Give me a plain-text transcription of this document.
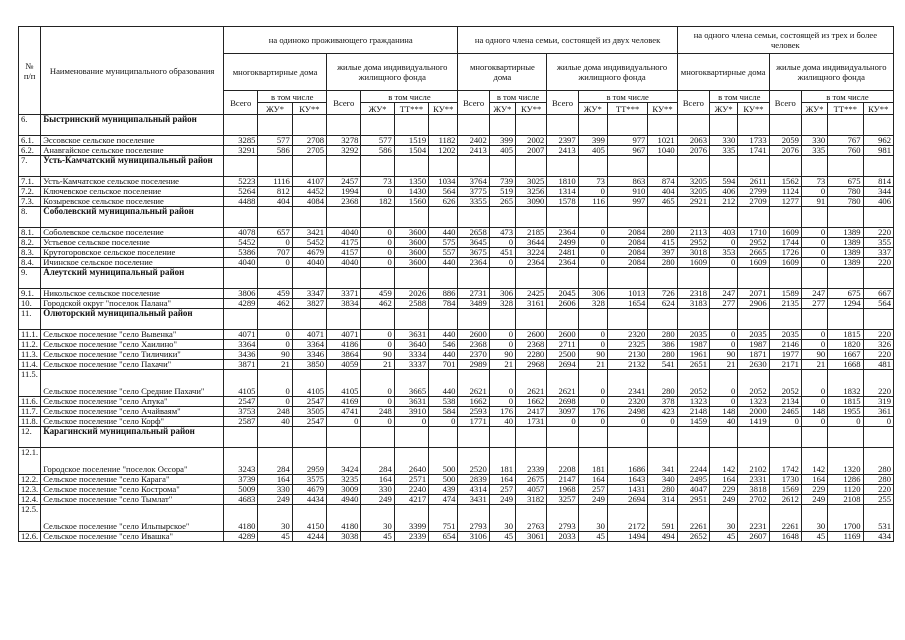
№ п/п	Наименование муниципального образования	на одиноко проживающего гражданина							на одного члена семьи, состоящей из двух человек							на одного члена семьи, состоящей из трех и более человек						
		многоквартирные дома			жилые дома индивидуального жилищного фонда				многоквартирные дома			жилые дома индивидуального жилищного фонда				многоквартирные дома			жилые дома индивидуального жилищного фонда			
		Всего	в том числе		Всего	в том числе			Всего	в том числе		Всего	в том числе			Всего	в том числе		Всего	в том числе		
			ЖУ*	КУ**		ЖУ*	ТТ***	КУ**		ЖУ*	КУ**		ЖУ*	ТТ***	КУ**		ЖУ*	КУ**		ЖУ*	ТТ***	КУ**
6.	Быстринский муниципальный район																					
6.1.	Эссовское сельское поселение	3285	577	2708	3278	577	1519	1182	2402	399	2002	2397	399	977	1021	2063	330	1733	2059	330	767	962
6.2.	Анавгайское сельское поселение	3291	586	2705	3292	586	1504	1202	2413	405	2007	2413	405	967	1040	2076	335	1741	2076	335	760	981
7.	Усть-Камчатский муниципальный район																					
7.1.	Усть-Камчатское сельское поселение	5223	1116	4107	2457	73	1350	1034	3764	739	3025	1810	73	863	874	3205	594	2611	1562	73	675	814
7.2.	Ключевское сельское поселение	5264	812	4452	1994	0	1430	564	3775	519	3256	1314	0	910	404	3205	406	2799	1124	0	780	344
7.3.	Козыревское сельское поселение	4488	404	4084	2368	182	1560	626	3355	265	3090	1578	116	997	465	2921	212	2709	1277	91	780	406
8.	Соболевский муниципальный район																					
8.1.	Соболевское сельское поселение	4078	657	3421	4040	0	3600	440	2658	473	2185	2364	0	2084	280	2113	403	1710	1609	0	1389	220
8.2.	Устьевое сельское поселение	5452	0	5452	4175	0	3600	575	3645	0	3644	2499	0	2084	415	2952	0	2952	1744	0	1389	355
8.3.	Крутогоровское сельское поселение	5386	707	4679	4157	0	3600	557	3675	451	3224	2481	0	2084	397	3018	353	2665	1726	0	1389	337
8.4.	Ичинское сельское поселение	4040	0	4040	4040	0	3600	440	2364	0	2364	2364	0	2084	280	1609	0	1609	1609	0	1389	220
9.	Алеутский муниципальный район																					
9.1.	Никольское сельское поселение	3806	459	3347	3371	459	2026	886	2731	306	2425	2045	306	1013	726	2318	247	2071	1589	247	675	667
10.	Городской округ "поселок Палана"	4289	462	3827	3834	462	2588	784	3489	328	3161	2606	328	1654	624	3183	277	2906	2135	277	1294	564
11.	Олюторский муниципальный район																					
11.1.	Сельское поселение "село Вывенка"	4071	0	4071	4071	0	3631	440	2600	0	2600	2600	0	2320	280	2035	0	2035	2035	0	1815	220
11.2.	Сельское поселение "село Хаилино"	3364	0	3364	4186	0	3640	546	2368	0	2368	2711	0	2325	386	1987	0	1987	2146	0	1820	326
11.3.	Сельское поселение "село Тиличики"	3436	90	3346	3864	90	3334	440	2370	90	2280	2500	90	2130	280	1961	90	1871	1977	90	1667	220
11.4.	Сельское поселение "село Пахачи"	3871	21	3850	4059	21	3337	701	2989	21	2968	2694	21	2132	541	2651	21	2630	2171	21	1668	481
11.5.	Сельское поселение "село Средние Пахачи"	4105	0	4105	4105	0	3665	440	2621	0	2621	2621	0	2341	280	2052	0	2052	2052	0	1832	220
11.6.	Сельское поселение "село Апука"	2547	0	2547	4169	0	3631	538	1662	0	1662	2698	0	2320	378	1323	0	1323	2134	0	1815	319
11.7.	Сельское поселение "село Ачайваям"	3753	248	3505	4741	248	3910	584	2593	176	2417	3097	176	2498	423	2148	148	2000	2465	148	1955	361
11.8.	Сельское поселение "село Корф"	2587	40	2547	0	0	0	0	1771	40	1731	0	0	0	0	1459	40	1419	0	0	0	0
12.	Карагинский муниципальный район																					
12.1.	Городское поселение "поселок Оссора"	3243	284	2959	3424	284	2640	500	2520	181	2339	2208	181	1686	341	2244	142	2102	1742	142	1320	280
12.2.	Сельское поселение "село Карага"	3739	164	3575	3235	164	2571	500	2839	164	2675	2147	164	1643	340	2495	164	2331	1730	164	1286	280
12.3.	Сельское поселение "село Кострома"	5009	330	4679	3009	330	2240	439	4314	257	4057	1968	257	1431	280	4047	229	3818	1569	229	1120	220
12.4.	Сельское поселение "село Тымлат"	4683	249	4434	4940	249	4217	474	3431	249	3182	3257	249	2694	314	2951	249	2702	2612	249	2108	255
12.5.	Сельское поселение "село Ильпырское"	4180	30	4150	4180	30	3399	751	2793	30	2763	2793	30	2172	591	2261	30	2231	2261	30	1700	531
12.6.	Сельское поселение "село Ивашка"	4289	45	4244	3038	45	2339	654	3106	45	3061	2033	45	1494	494	2652	45	2607	1648	45	1169	434
